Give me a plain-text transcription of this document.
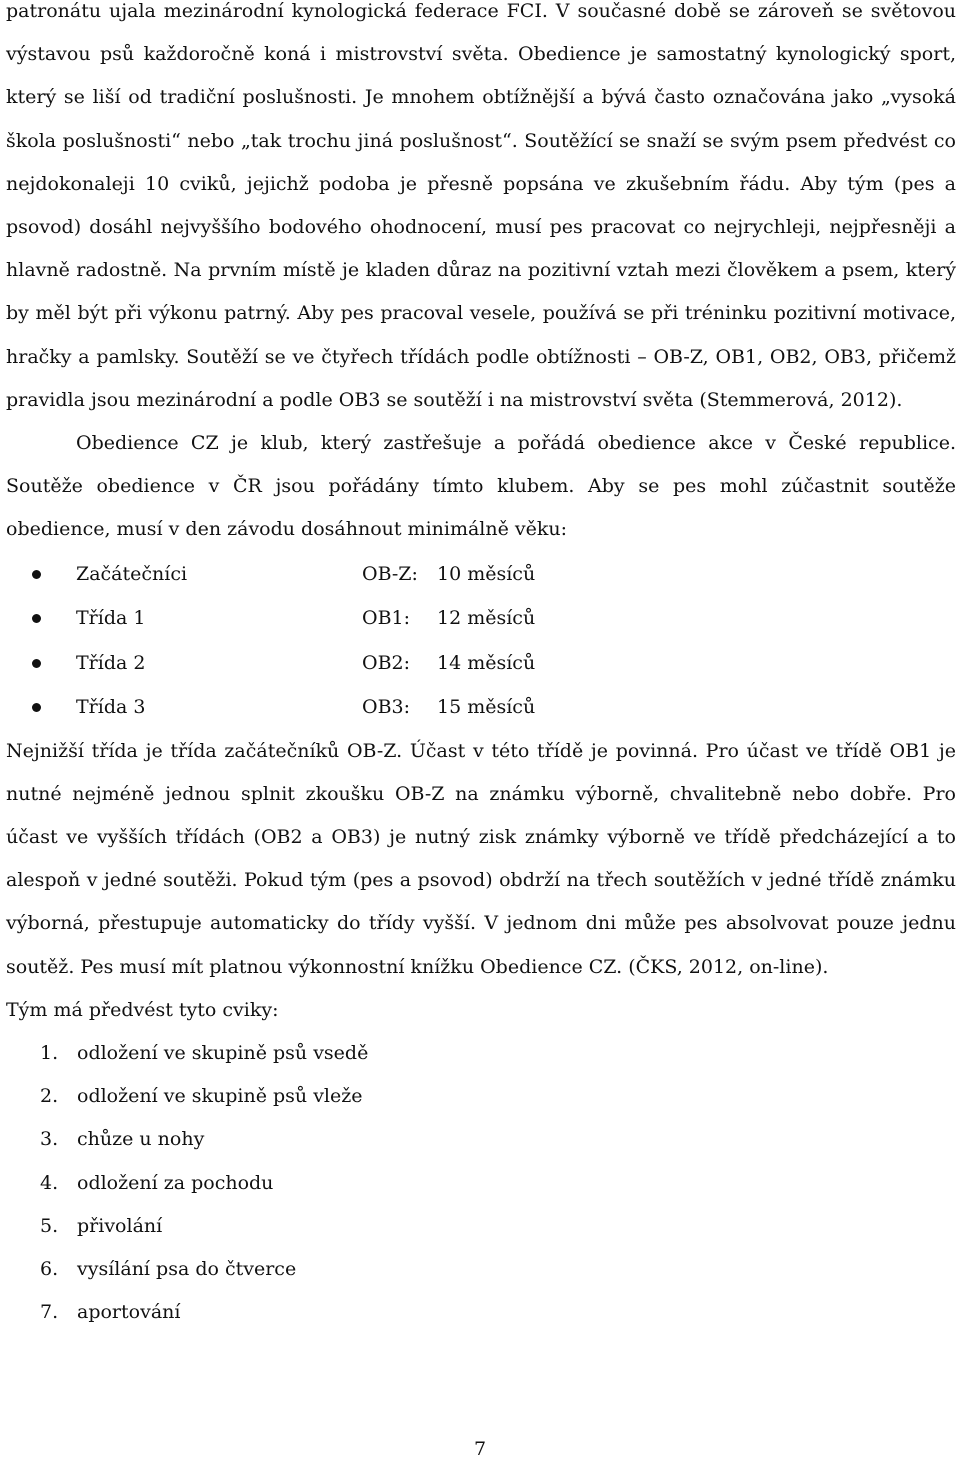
patronátu ujala mezinárodní kynologická federace FCI. V současné době se zároveň se světovou výstavou psů každoročně koná i mistrovství světa. Obedience je samostatný kynologický sport, který se liší od tradiční poslušnosti. Je mnohem obtížnější a bývá často označována jako „vysoká škola poslušnosti“ nebo „tak trochu jiná poslušnost“. Soutěžící se snaží se svým psem předvést co nejdokonaleji 10 cviků, jejichž podoba je přesně popsána ve zkušebním řádu. Aby tým (pes a psovod) dosáhl nejvyššího bodového ohodnocení, musí pes pracovat co nejrychleji, nejpřesněji a hlavně radostně. Na prvním místě je kladen důraz na pozitivní vztah mezi člověkem a psem, který by měl být při výkonu patrný. Aby pes pracoval vesele, používá se při tréninku pozitivní motivace, hračky a pamlsky. Soutěží se ve čtyřech třídách podle obtížnosti – OB-Z, OB1, OB2, OB3, přičemž pravidla jsou mezinárodní a podle OB3 se soutěží i na mistrovství světa (Stemmerová, 2012).

Obedience CZ je klub, který zastřešuje a pořádá obedience akce v České republice. Soutěže obedience v ČR jsou pořádány tímto klubem. Aby se pes mohl zúčastnit soutěže obedience, musí v den závodu dosáhnout minimálně věku:

Začátečníci	OB-Z: 10 měsíců
Třída 1	OB1: 12 měsíců
Třída 2	OB2: 14 měsíců
Třída 3	OB3: 15 měsíců

Nejnižší třída je třída začátečníků OB-Z. Účast v této třídě je povinná. Pro účast ve třídě OB1 je nutné nejméně jednou splnit zkoušku OB-Z na známku výborně, chvalitebně nebo dobře. Pro účast ve vyšších třídách (OB2 a OB3) je nutný zisk známky výborně ve třídě předcházející a to alespoň v jedné soutěži. Pokud tým (pes a psovod) obdrží na třech soutěžích v jedné třídě známku výborná, přestupuje automaticky do třídy vyšší. V jednom dni může pes absolvovat pouze jednu soutěž. Pes musí mít platnou výkonnostní knížku Obedience CZ. (ČKS, 2012, on-line).

Tým má předvést tyto cviky:

1. odložení ve skupině psů vsedě
2. odložení ve skupině psů vleže
3. chůze u nohy
4. odložení za pochodu
5. přivolání
6. vysílání psa do čtverce
7. aportování
7
